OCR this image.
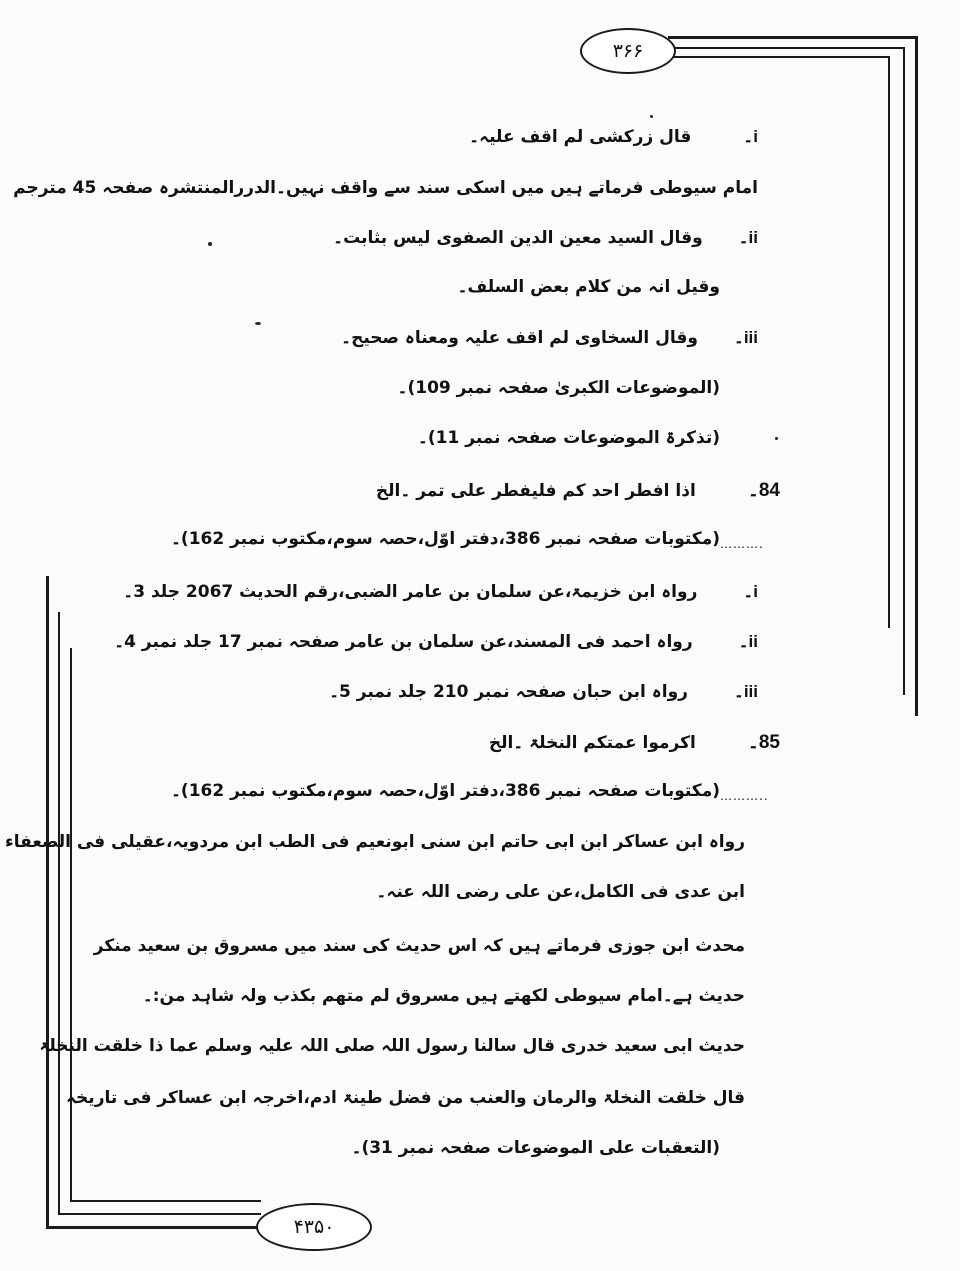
۳۶۶
۴۳۵۰
i۔ قال زرکشی لم اقف علیہ۔
امام سیوطی فرماتے ہیں میں اسکی سند سے واقف نہیں۔الدررالمنتشرہ صفحہ 45 مترجم
ii۔ وقال السید معین الدین الصفوی لیس بثابت۔
وقیل انہ من کلام بعض السلف۔
iii۔ وقال السخاوی لم اقف علیہ ومعناہ صحیح۔
(الموضوعات الکبریٰ صفحہ نمبر 109)۔
(تذکرۃ الموضوعات صفحہ نمبر 11)۔
84۔ اذا افطر احد کم فلیفطر علی تمر ۔الخ
(مکتوبات صفحہ نمبر 386،دفتر اوّل،حصہ سوم،مکتوب نمبر 162)۔ ……….
i۔ رواہ ابن خزیمۃ،عن سلمان بن عامر الضبی،رقم الحدیث 2067 جلد 3۔
ii۔ رواہ احمد فی المسند،عن سلمان بن عامر صفحہ نمبر 17 جلد نمبر 4۔
iii۔ رواہ ابن حبان صفحہ نمبر 210 جلد نمبر 5۔
85۔ اکرموا عمتکم النخلۃ ۔الخ
(مکتوبات صفحہ نمبر 386،دفتر اوّل،حصہ سوم،مکتوب نمبر 162)۔ ………..
رواہ ابن عساکر ابن ابی حاتم ابن سنی ابونعیم فی الطب ابن مردویہ،عقیلی فی الضعفاء
ابن عدی فی الکامل،عن علی رضی اللہ عنہ۔
محدث ابن جوزی فرماتے ہیں کہ اس حدیث کی سند میں مسروق بن سعید منکر
حدیث ہے۔امام سیوطی لکھتے ہیں مسروق لم متھم بکذب ولہ شاہد من:۔
حدیث ابی سعید خدری قال سالنا رسول اللہ صلی اللہ علیہ وسلم عما ذا خلقت النخلۃ
قال خلقت النخلۃ والرمان والعنب من فضل طینۃ ادم،اخرجہ ابن عساکر فی تاریخہ
(التعقبات علی الموضوعات صفحہ نمبر 31)۔
